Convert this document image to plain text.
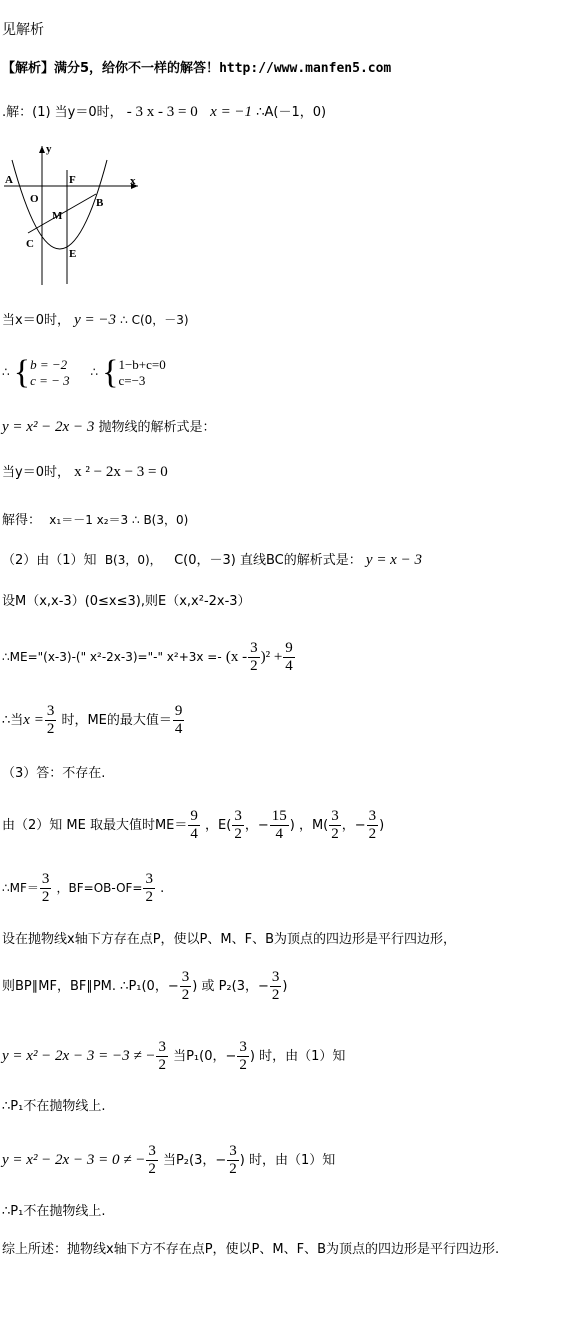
见解析
【解析】满分5，给你不一样的解答！http://www.manfen5.com
.解：(1) 当y＝0时， - 3 x - 3 = 0 x = −1 ∴A(－1，0)
A
O
F	x
y
B
M
C
E
当x＝0时， y = −3 ∴ C(0，－3)
∴ { b = −2
c = − 3
∴ { 1−b+c=0
c=−3
y = x² − 2x − 3 抛物线的解析式是：
当y＝0时， x ² − 2x − 3 = 0
解得： x₁＝－1 x₂＝3 ∴ B(3，0)
（2）由（1）知 B(3，0)， C(0，－3) 直线BC的解析式是： y = x − 3
设M（x,x-3）(0≤x≤3),则E（x,x²-2x-3）
∴ME="(x-3)-(" x²-2x-3)="-" $x^2+3x =- (x - \frac{3}{2} )^2 + \frac{9}{4}$
∴当$x = \frac{3}{2}$ 时，ME的最大值＝ $\frac{9}{4}$
（3）答：不存在.
由（2）知 ME 取最大值时$ME= \frac{9}{4}$ ，$E( \frac{3}{2}$ ，− $\frac{15}{4}$ ) ，$M( \frac{3}{2}$ ，− $\frac{3}{2}$ )
∴MF＝ $\frac{3}{2}$ ，$BF=OB-OF= \frac{3}{2}$ .
设在抛物线x轴下方存在点P，使以P、M、F、B为顶点的四边形是平行四边形，
则BP∥MF，BF∥PM. ∴P₁(0，− $\frac{3}{2}$ ) 或 P₂(3，− $\frac{3}{2}$ )
y = x² − 2x − 3 = −3 ≠ − $\frac{3}{2}$ 当P₁(0，− $\frac{3}{2}$ ) 时，由（1）知
∴P₁不在抛物线上.
y = x² − 2x − 3 = 0 ≠ − $\frac{3}{2}$ 当P₂(3，− $\frac{3}{2}$ ) 时，由（1）知
∴P₁不在抛物线上.
综上所述：抛物线x轴下方不存在点P，使以P、M、F、B为顶点的四边形是平行四边形.
